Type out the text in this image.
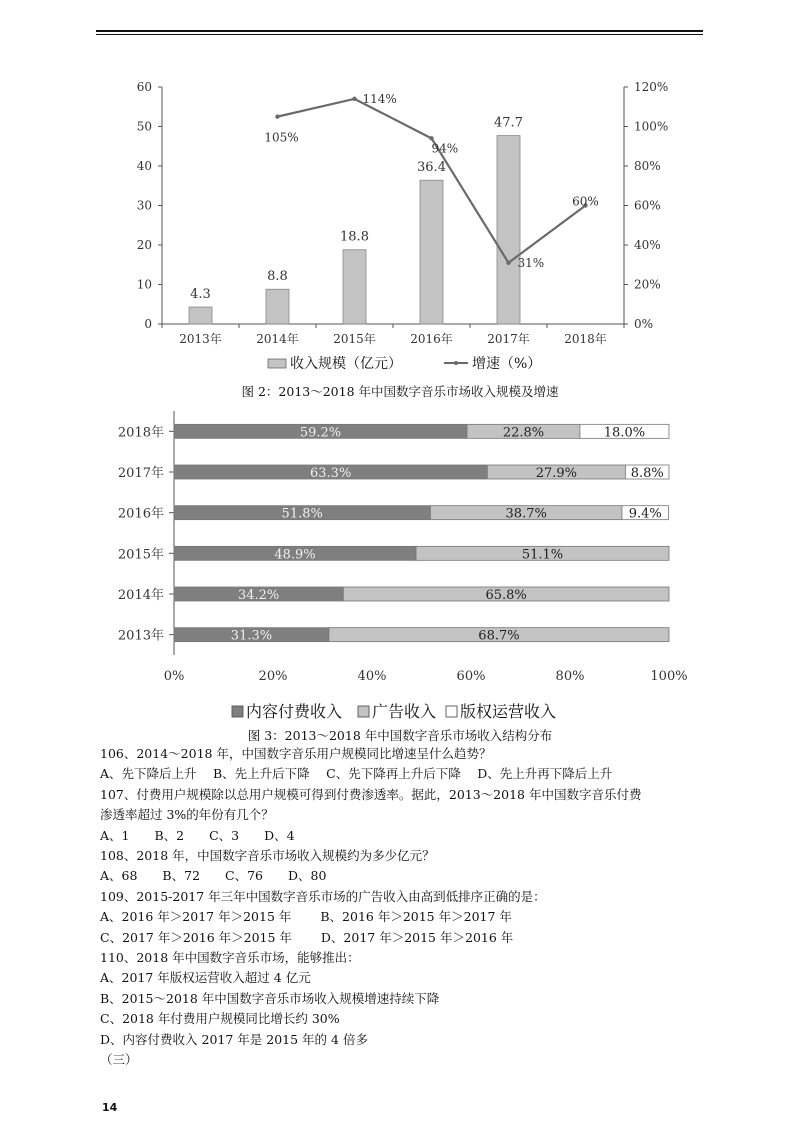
0
10
20
30
40
50
60
0%
20%
40%
60%
80%
100%
120%
2013年	2014年	2015年	2016年	2017年	2018年
4.3
8.8
18.8
36.4
47.7
105%
114%
94%
31%
60%
收入规模（亿元）	增速（%）
图 2：2013～2018 年中国数字音乐市场收入规模及增速
2018年	59.2%	22.8%	18.0%
2017年	63.3%	27.9%	8.8%
2016年	51.8%	38.7%	9.4%
2015年	48.9%	51.1%
2014年	34.2%	65.8%
2013年	31.3%	68.7%
0%	20%	40%	60%	80%	100%
内容付费收入 广告收入 版权运营收入
图 3：2013～2018 年中国数字音乐市场收入结构分布
106、2014～2018 年，中国数字音乐用户规模同比增速呈什么趋势？
A、先下降后上升　 B、先上升后下降　 C、先下降再上升后下降　 D、先上升再下降后上升
107、付费用户规模除以总用户规模可得到付费渗透率。据此，2013～2018 年中国数字音乐付费
渗透率超过 3%的年份有几个？
A、1　　B、2　　C、3　　D、4
108、2018 年，中国数字音乐市场收入规模约为多少亿元？
A、68　　B、72　　C、76　　D、80
109、2015-2017 年三年中国数字音乐市场的广告收入由高到低排序正确的是：
A、2016 年＞2017 年＞2015 年　　 B、2016 年＞2015 年＞2017 年
C、2017 年＞2016 年＞2015 年　　 D、2017 年＞2015 年＞2016 年
110、2018 年中国数字音乐市场，能够推出：
A、2017 年版权运营收入超过 4 亿元
B、2015～2018 年中国数字音乐市场收入规模增速持续下降
C、2018 年付费用户规模同比增长约 30%
D、内容付费收入 2017 年是 2015 年的 4 倍多
（三）
14
